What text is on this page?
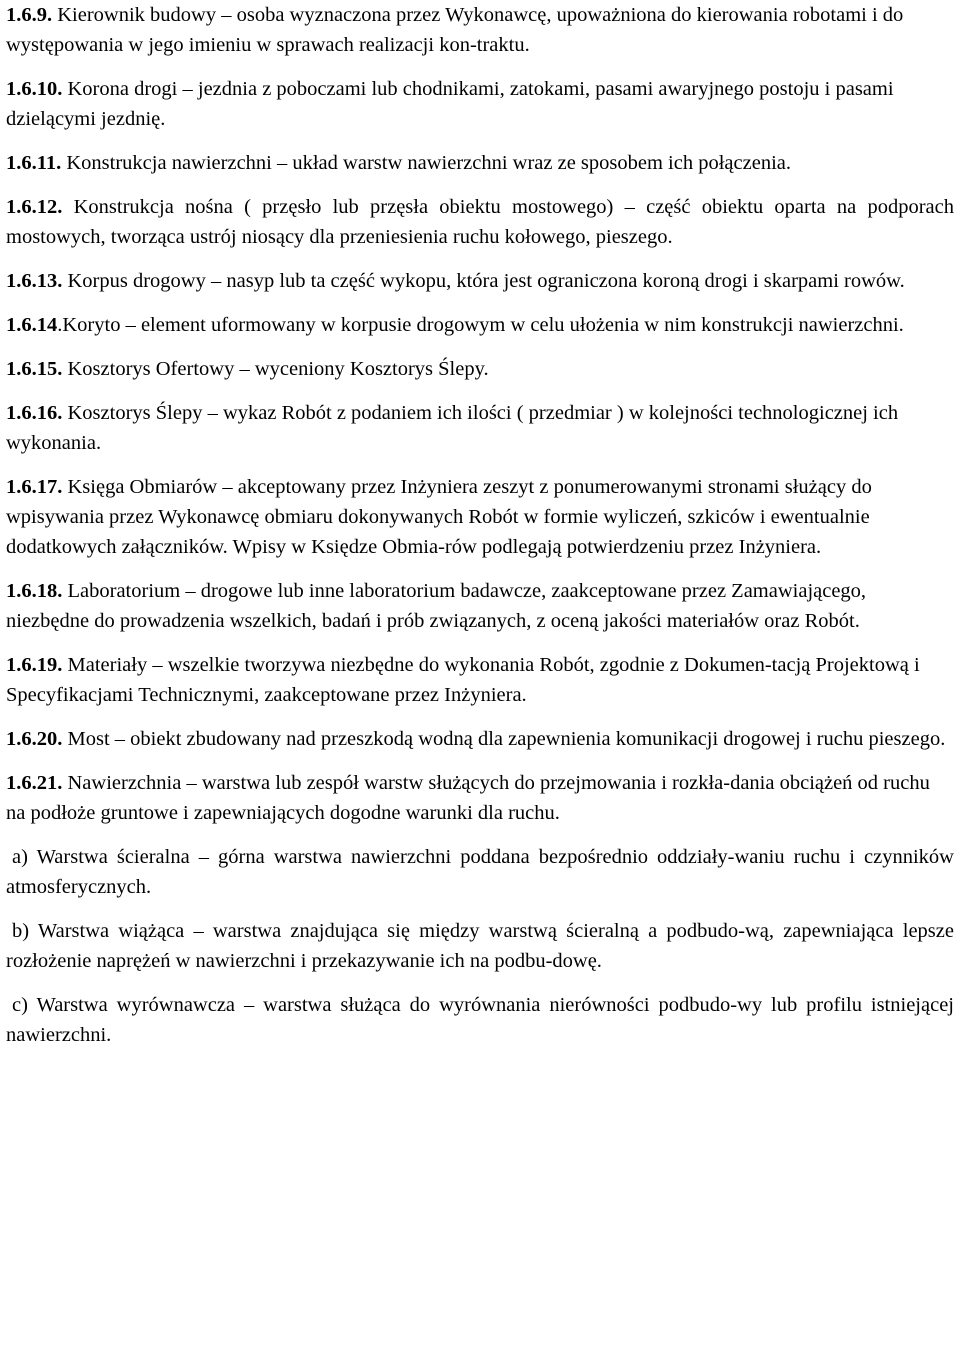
1.6.9. Kierownik budowy – osoba wyznaczona przez Wykonawcę, upoważniona do kierowania robotami i do występowania w jego imieniu w sprawach realizacji kon-traktu.

1.6.10. Korona drogi – jezdnia z poboczami lub chodnikami, zatokami, pasami awaryjnego postoju i pasami dzielącymi jezdnię.

1.6.11. Konstrukcja nawierzchni – układ warstw nawierzchni wraz ze sposobem ich połączenia.

1.6.12. Konstrukcja nośna ( przęsło lub przęsła obiektu mostowego) – część obiektu oparta na podporach mostowych, tworząca ustrój niosący dla przeniesienia ruchu kołowego, pieszego.

1.6.13. Korpus drogowy – nasyp lub ta część wykopu, która jest ograniczona koroną drogi i skarpami rowów.

1.6.14.Koryto – element uformowany w korpusie drogowym w celu ułożenia w nim konstrukcji nawierzchni.

1.6.15. Kosztorys Ofertowy – wyceniony Kosztorys Ślepy.

1.6.16. Kosztorys Ślepy – wykaz Robót z podaniem ich ilości ( przedmiar ) w kolejności technologicznej ich wykonania.

1.6.17. Księga Obmiarów – akceptowany przez Inżyniera zeszyt z ponumerowanymi stronami służący do wpisywania przez Wykonawcę obmiaru dokonywanych Robót w formie wyliczeń, szkiców i ewentualnie dodatkowych załączników. Wpisy w Księdze Obmia-rów podlegają potwierdzeniu przez Inżyniera.

1.6.18. Laboratorium – drogowe lub inne laboratorium badawcze, zaakceptowane przez Zamawiającego, niezbędne do prowadzenia wszelkich, badań i prób związanych, z oceną jakości materiałów oraz Robót.

1.6.19. Materiały – wszelkie tworzywa niezbędne do wykonania Robót, zgodnie z Dokumen-tacją Projektową i Specyfikacjami Technicznymi, zaakceptowane przez Inżyniera.

1.6.20. Most – obiekt zbudowany nad przeszkodą wodną dla zapewnienia komunikacji drogowej i ruchu pieszego.

1.6.21. Nawierzchnia – warstwa lub zespół warstw służących do przejmowania i rozkła-dania obciążeń od ruchu na podłoże gruntowe i zapewniających dogodne warunki dla ruchu.

a) Warstwa ścieralna – górna warstwa nawierzchni poddana bezpośrednio oddziały-waniu ruchu i czynników atmosferycznych.

b) Warstwa wiążąca – warstwa znajdująca się między warstwą ścieralną a podbudo-wą, zapewniająca lepsze rozłożenie naprężeń w nawierzchni i przekazywanie ich na podbu-dowę.

c) Warstwa wyrównawcza – warstwa służąca do wyrównania nierówności podbudo-wy lub profilu istniejącej nawierzchni.
